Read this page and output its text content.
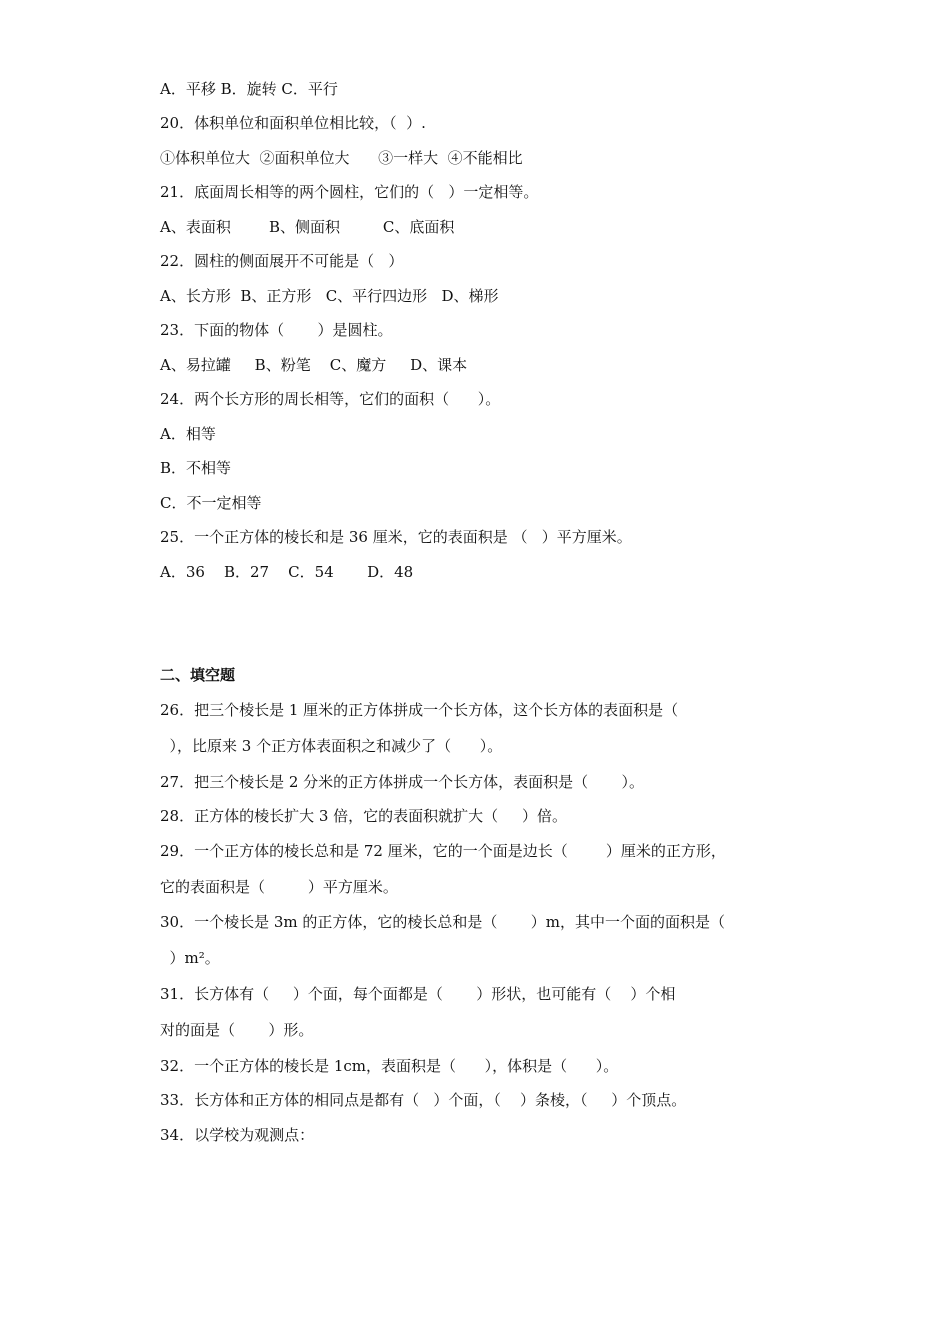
A．平移 B．旋转 C．平行
20．体积单位和面积单位相比较，（  ）.
①体积单位大  ②面积单位大      ③一样大  ④不能相比
21．底面周长相等的两个圆柱，它们的（   ）一定相等。
A、表面积        B、侧面积         C、底面积
22．圆柱的侧面展开不可能是（   ）
A、长方形  B、正方形   C、平行四边形   D、梯形
23．下面的物体（       ）是圆柱。
A、易拉罐     B、粉笔    C、魔方     D、课本
24．两个长方形的周长相等，它们的面积（      ）。
A．相等
B．不相等
C．不一定相等
25．一个正方体的棱长和是 36 厘米，它的表面积是 （   ）平方厘米。
A．36    B．27    C．54       D．48
二、填空题
26．把三个棱长是 1 厘米的正方体拼成一个长方体，这个长方体的表面积是（
），比原来 3 个正方体表面积之和减少了（      ）。
27．把三个棱长是 2 分米的正方体拼成一个长方体，表面积是（       ）。
28．正方体的棱长扩大 3 倍，它的表面积就扩大（     ）倍。
29．一个正方体的棱长总和是 72 厘米，它的一个面是边长（        ）厘米的正方形，
它的表面积是（         ）平方厘米。
30．一个棱长是 3m 的正方体，它的棱长总和是（       ）m，其中一个面的面积是（
）m²。
31．长方体有（     ）个面，每个面都是（       ）形状，也可能有（    ）个相
对的面是（       ）形。
32．一个正方体的棱长是 1cm，表面积是（      ），体积是（      ）。
33．长方体和正方体的相同点是都有（   ）个面，（    ）条棱，（     ）个顶点。
34．以学校为观测点：
